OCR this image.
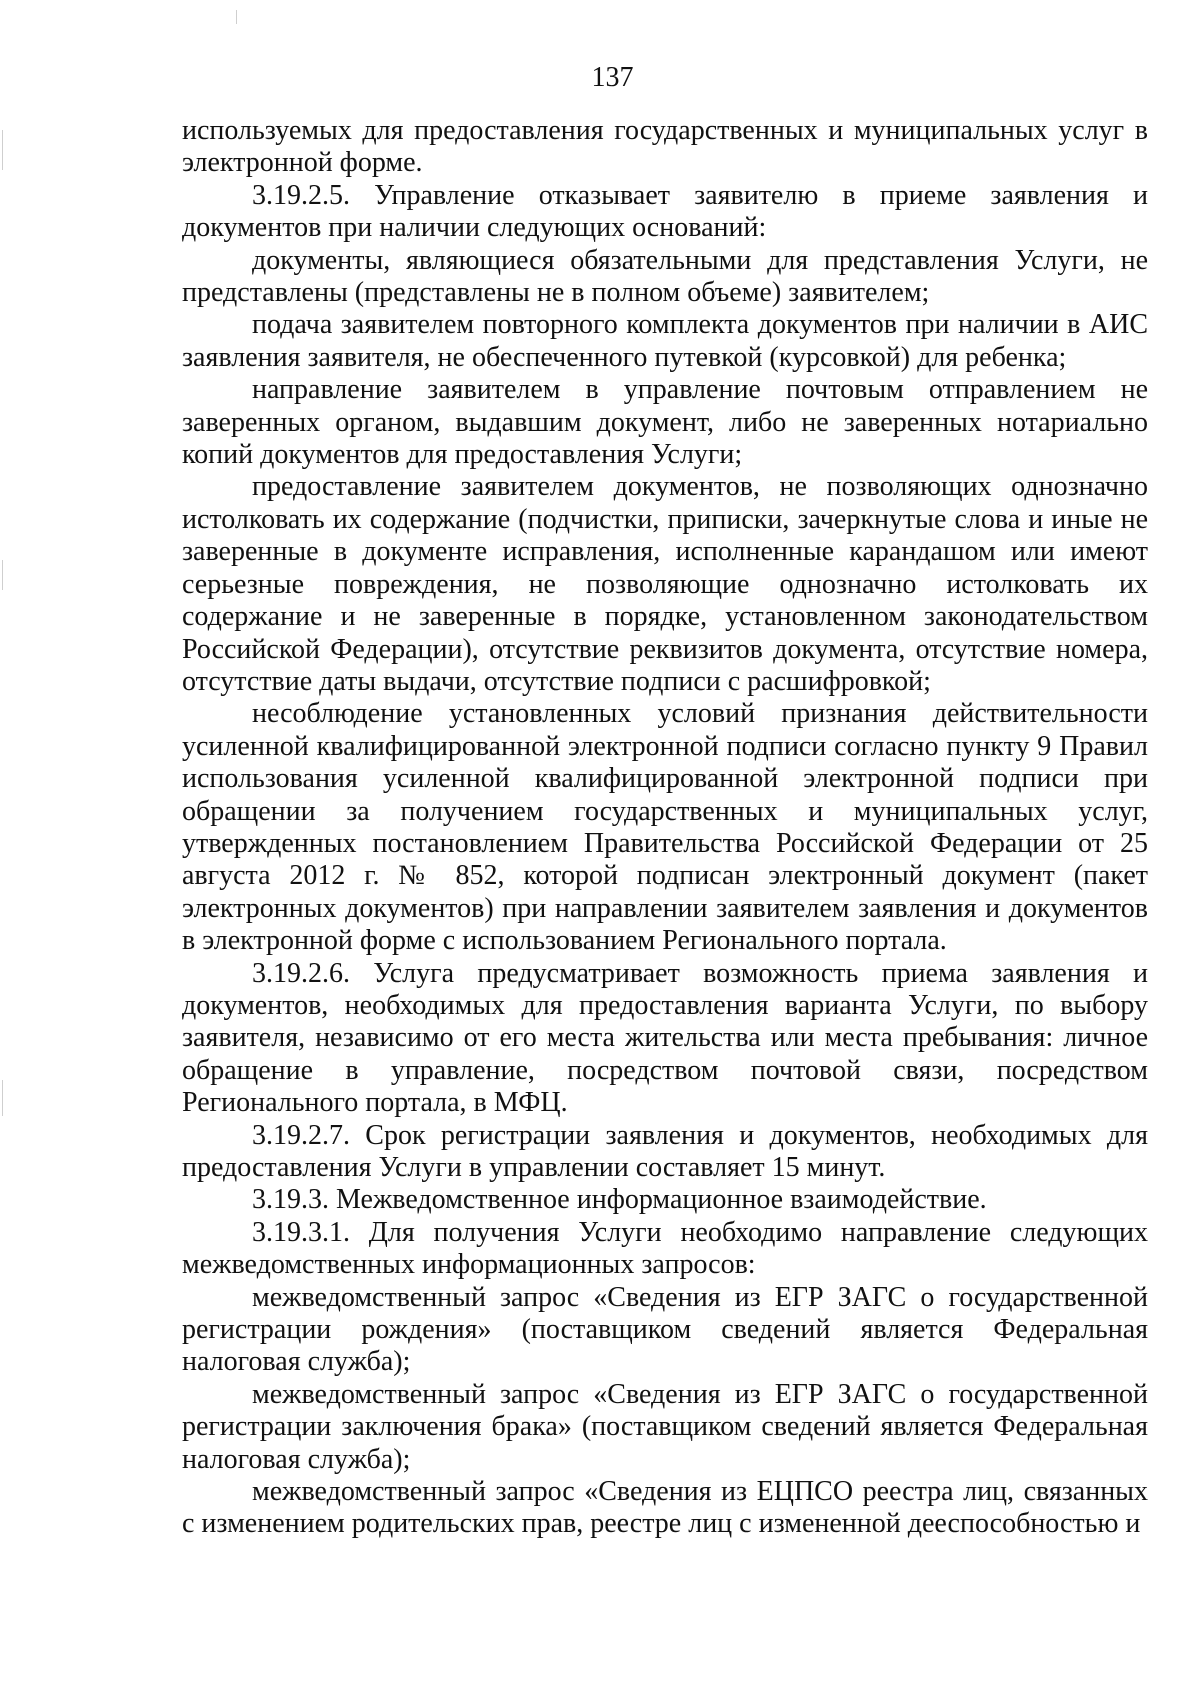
137

используемых для предоставления государственных и муниципальных услуг в электронной форме.

3.19.2.5. Управление отказывает заявителю в приеме заявления и документов при наличии следующих оснований:

документы, являющиеся обязательными для представления Услуги, не представлены (представлены не в полном объеме) заявителем;

подача заявителем повторного комплекта документов при наличии в АИС заявления заявителя, не обеспеченного путевкой (курсовкой) для ребенка;

направление заявителем в управление почтовым отправлением не заверенных органом, выдавшим документ, либо не заверенных нотариально копий документов для предоставления Услуги;

предоставление заявителем документов, не позволяющих однозначно истолковать их содержание (подчистки, приписки, зачеркнутые слова и иные не заверенные в документе исправления, исполненные карандашом или имеют серьезные повреждения, не позволяющие однозначно истолковать их содержание и не заверенные в порядке, установленном законодательством Российской Федерации), отсутствие реквизитов документа, отсутствие номера, отсутствие даты выдачи, отсутствие подписи с расшифровкой;

несоблюдение установленных условий признания действительности усиленной квалифицированной электронной подписи согласно пункту 9 Правил использования усиленной квалифицированной электронной подписи при обращении за получением государственных и муниципальных услуг, утвержденных постановлением Правительства Российской Федерации от 25 августа 2012 г. № 852, которой подписан электронный документ (пакет электронных документов) при направлении заявителем заявления и документов в электронной форме с использованием Регионального портала.

3.19.2.6. Услуга предусматривает возможность приема заявления и документов, необходимых для предоставления варианта Услуги, по выбору заявителя, независимо от его места жительства или места пребывания: личное обращение в управление, посредством почтовой связи, посредством Регионального портала, в МФЦ.

3.19.2.7. Срок регистрации заявления и документов, необходимых для предоставления Услуги в управлении составляет 15 минут.

3.19.3. Межведомственное информационное взаимодействие.

3.19.3.1. Для получения Услуги необходимо направление следующих межведомственных информационных запросов:

межведомственный запрос «Сведения из ЕГР ЗАГС о государственной регистрации рождения» (поставщиком сведений является Федеральная налоговая служба);

межведомственный запрос «Сведения из ЕГР ЗАГС о государственной регистрации заключения брака» (поставщиком сведений является Федеральная налоговая служба);

межведомственный запрос «Сведения из ЕЦПСО реестра лиц, связанных с изменением родительских прав, реестре лиц с измененной дееспособностью и
